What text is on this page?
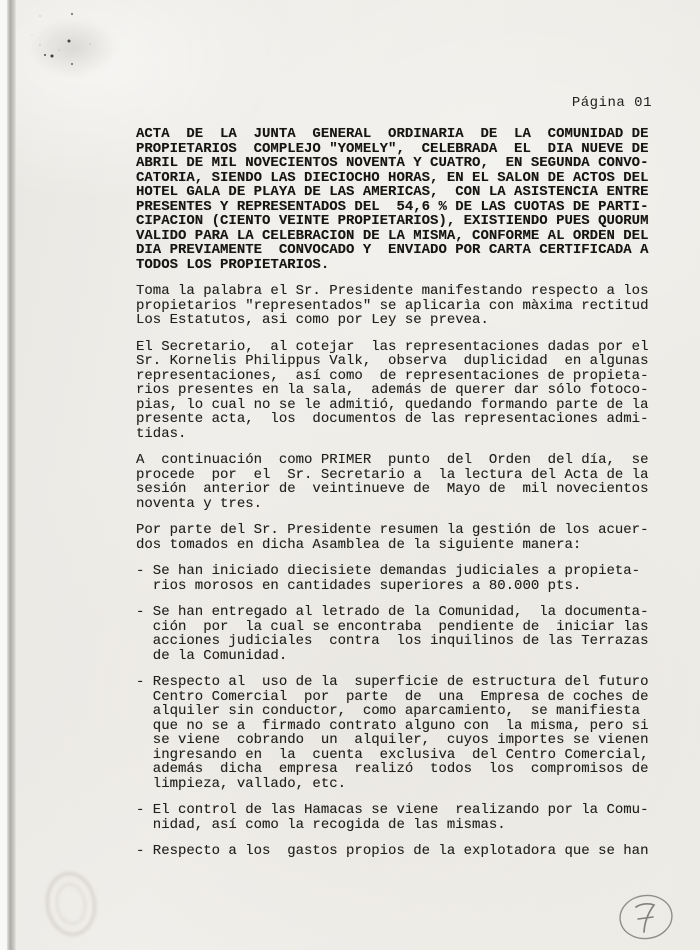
Página 01
ACTA  DE  LA  JUNTA  GENERAL  ORDINARIA  DE  LA  COMUNIDAD DE
PROPIETARIOS  COMPLEJO "YOMELY",  CELEBRADA  EL  DIA NUEVE DE
ABRIL DE MIL NOVECIENTOS NOVENTA Y CUATRO,  EN SEGUNDA CONVO-
CATORIA, SIENDO LAS DIECIOCHO HORAS, EN EL SALON DE ACTOS DEL
HOTEL GALA DE PLAYA DE LAS AMERICAS,  CON LA ASISTENCIA ENTRE
PRESENTES Y REPRESENTADOS DEL  54,6 % DE LAS CUOTAS DE PARTI-
CIPACION (CIENTO VEINTE PROPIETARIOS), EXISTIENDO PUES QUORUM
VALIDO PARA LA CELEBRACION DE LA MISMA, CONFORME AL ORDEN DEL
DIA PREVIAMENTE  CONVOCADO Y  ENVIADO POR CARTA CERTIFICADA A
TODOS LOS PROPIETARIOS.
Toma la palabra el Sr. Presidente manifestando respecto a los
propietarios "representados" se aplicarìa con màxima rectitud
Los Estatutos, asi como por Ley se prevea.
El Secretario,  al cotejar  las representaciones dadas por el
Sr. Kornelis Philippus Valk,  observa  duplicidad  en algunas
representaciones,  así como  de representaciones de propieta-
rios presentes en la sala,  además de querer dar sólo fotoco-
pias, lo cual no se le admitió, quedando formando parte de la
presente acta,  los  documentos de las representaciones admi-
tidas.
A  continuación  como PRIMER  punto  del  Orden  del día,  se
procede  por  el  Sr. Secretario a  la lectura del Acta de la
sesión  anterior de  veintinueve de  Mayo de  mil novecientos
noventa y tres.
Por parte del Sr. Presidente resumen la gestión de los acuer-
dos tomados en dicha Asamblea de la siguiente manera:
- Se han iniciado diecisiete demandas judiciales a propieta-
rios morosos en cantidades superiores a 80.000 pts.
- Se han entregado al letrado de la Comunidad,  la documenta-
ción  por  la cual se encontraba  pendiente de  iniciar las
acciones judiciales  contra  los inquilinos de las Terrazas
de la Comunidad.
- Respecto al  uso de la  superficie de estructura del futuro
Centro Comercial  por  parte  de  una  Empresa de coches de
alquiler sin conductor,  como aparcamiento,  se manifiesta
que no se a  firmado contrato alguno con  la misma, pero si
se viene  cobrando  un  alquiler,  cuyos importes se vienen
ingresando en  la  cuenta  exclusiva  del Centro Comercial,
además  dicha  empresa  realizó  todos  los  compromisos de
limpieza, vallado, etc.
- El control de las Hamacas se viene  realizando por la Comu-
nidad, así como la recogida de las mismas.
- Respecto a los  gastos propios de la explotadora que se han
